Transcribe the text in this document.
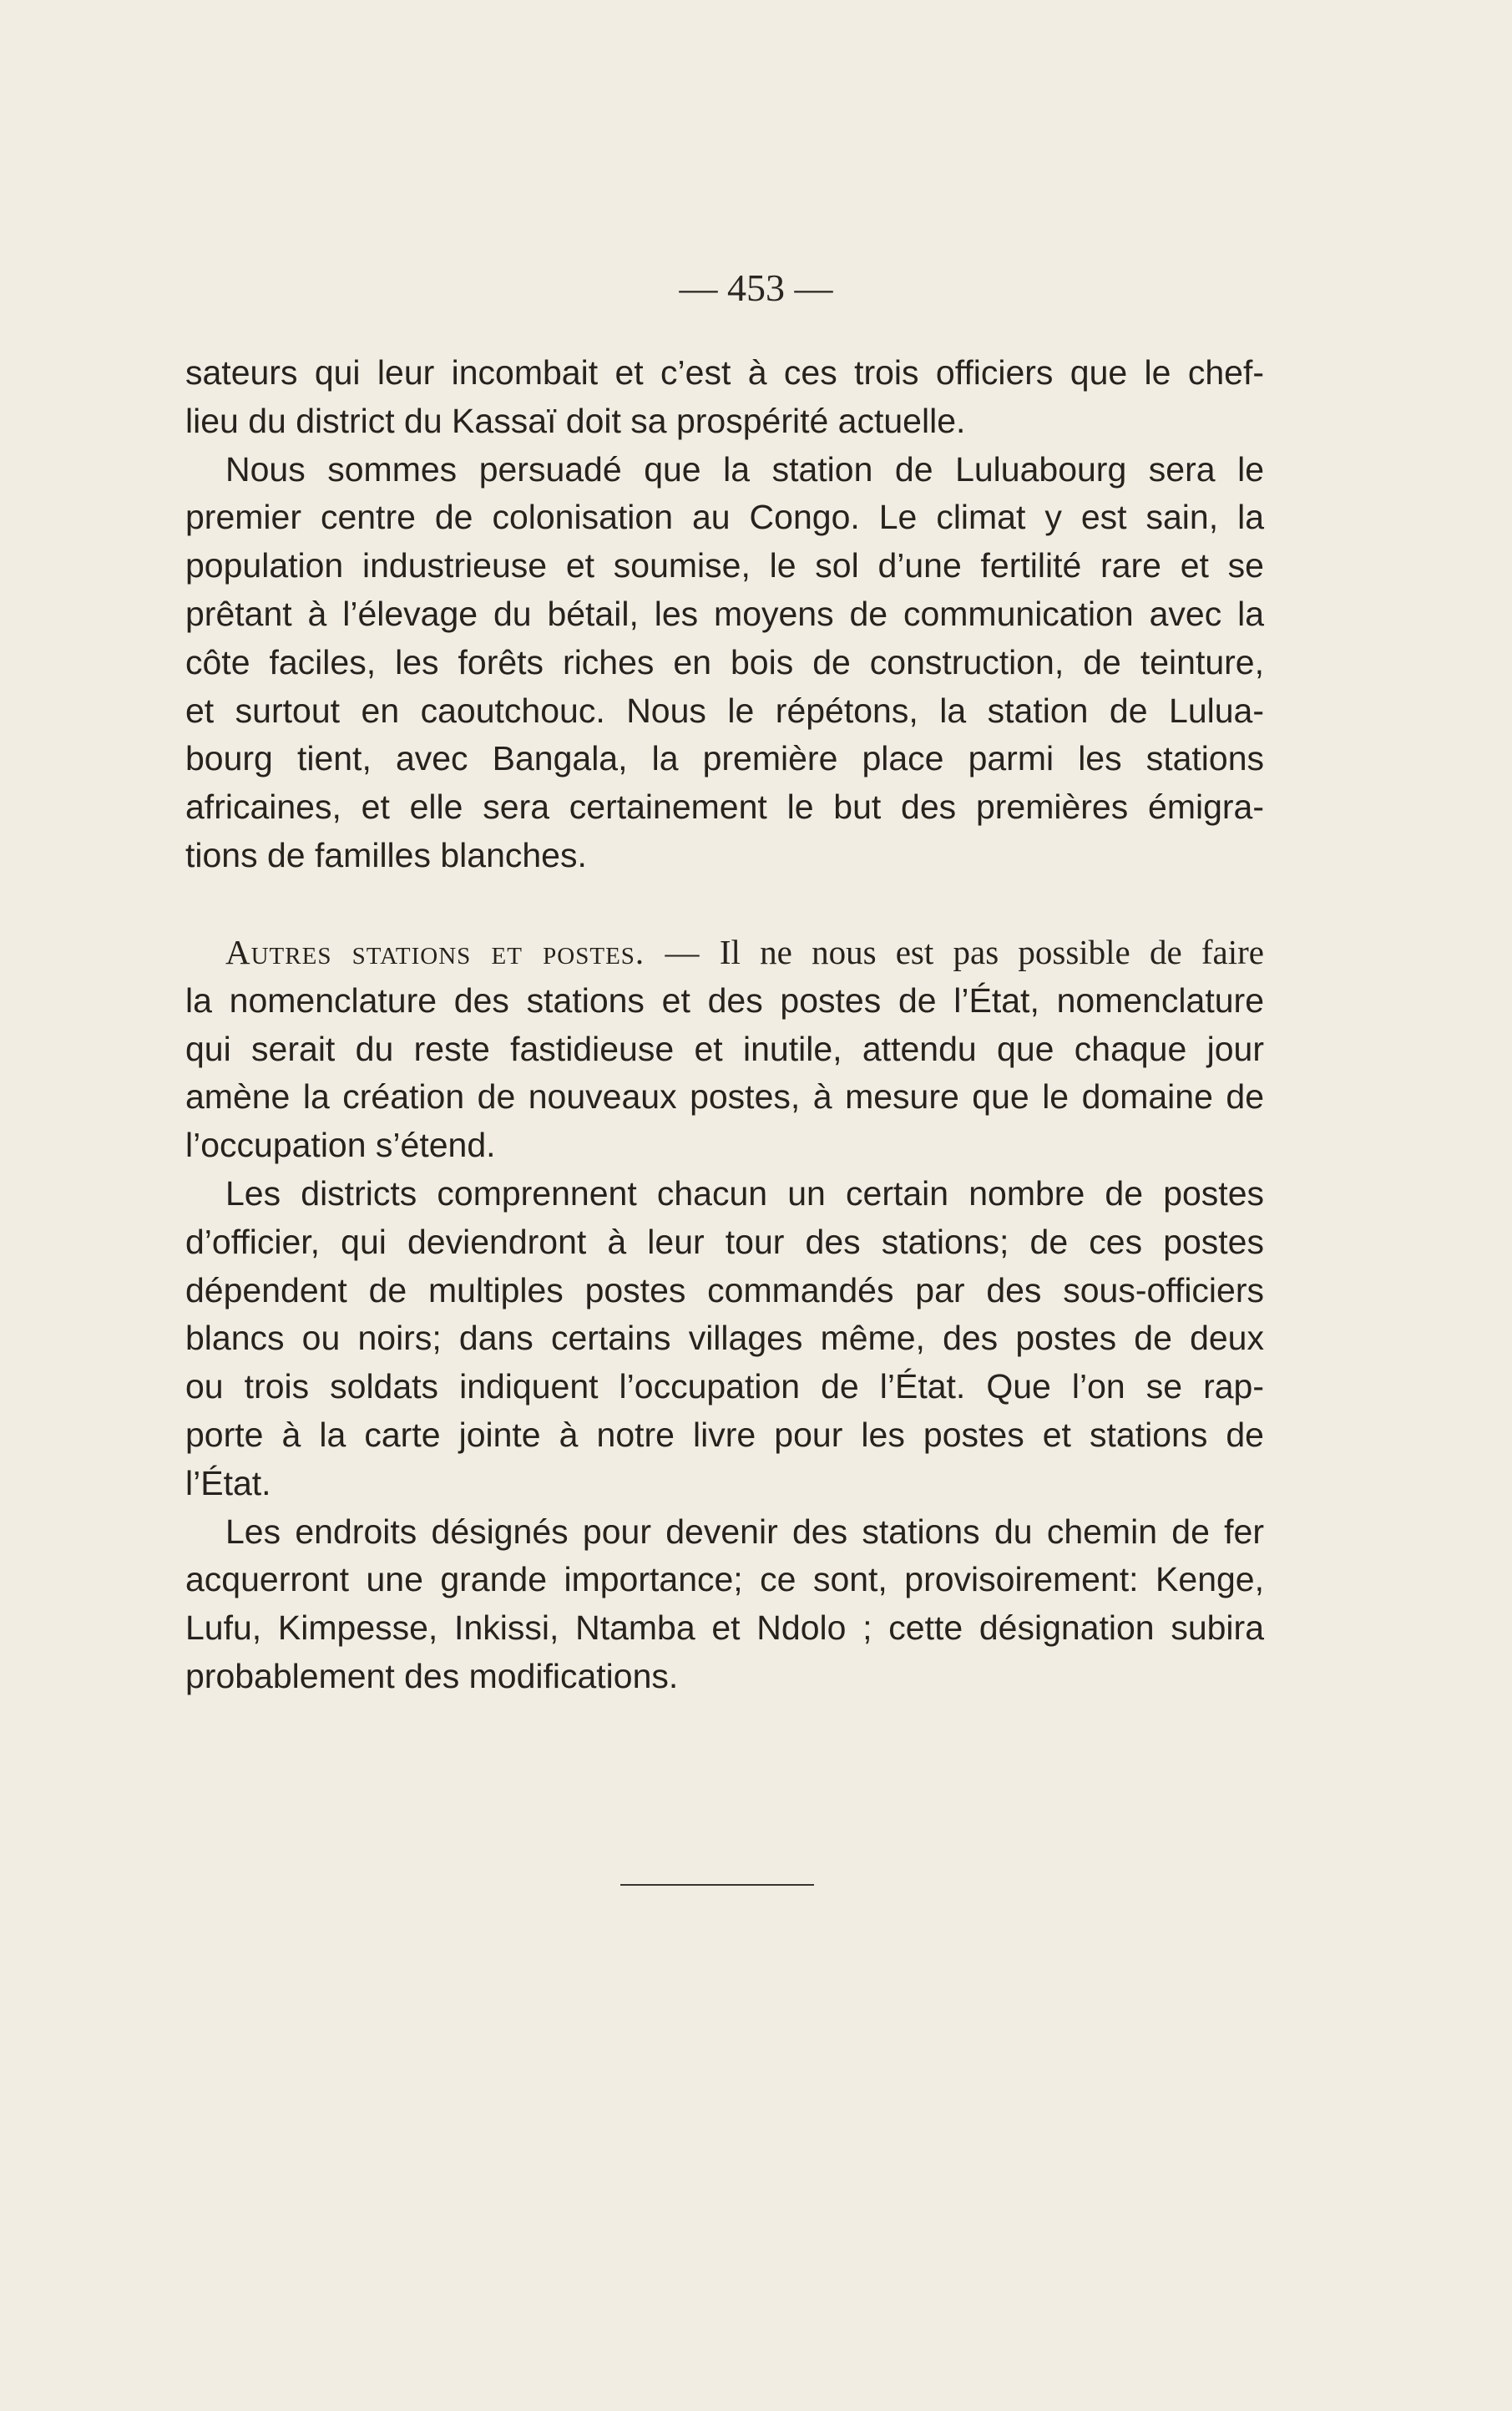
— 453 —
sateurs qui leur incombait et c’est à ces trois officiers que le chef-
lieu du district du Kassaï doit sa prospérité actuelle.
Nous sommes persuadé que la station de Luluabourg sera le
premier centre de colonisation au Congo. Le climat y est sain, la
population industrieuse et soumise, le sol d’une fertilité rare et se
prêtant à l’élevage du bétail, les moyens de communication avec la
côte faciles, les forêts riches en bois de construction, de teinture,
et surtout en caoutchouc. Nous le répétons, la station de Lulua-
bourg tient, avec Bangala, la première place parmi les stations
africaines, et elle sera certainement le but des premières émigra-
tions de familles blanches.
Autres stations et postes. — Il ne nous est pas possible de faire
la nomenclature des stations et des postes de l’État, nomenclature
qui serait du reste fastidieuse et inutile, attendu que chaque jour
amène la création de nouveaux postes, à mesure que le domaine de
l’occupation s’étend.
Les districts comprennent chacun un certain nombre de postes
d’officier, qui deviendront à leur tour des stations; de ces postes
dépendent de multiples postes commandés par des sous-officiers
blancs ou noirs; dans certains villages même, des postes de deux
ou trois soldats indiquent l’occupation de l’État. Que l’on se rap-
porte à la carte jointe à notre livre pour les postes et stations de
l’État.
Les endroits désignés pour devenir des stations du chemin de fer
acquerront une grande importance; ce sont, provisoirement: Kenge,
Lufu, Kimpesse, Inkissi, Ntamba et Ndolo ; cette désignation subira
probablement des modifications.
